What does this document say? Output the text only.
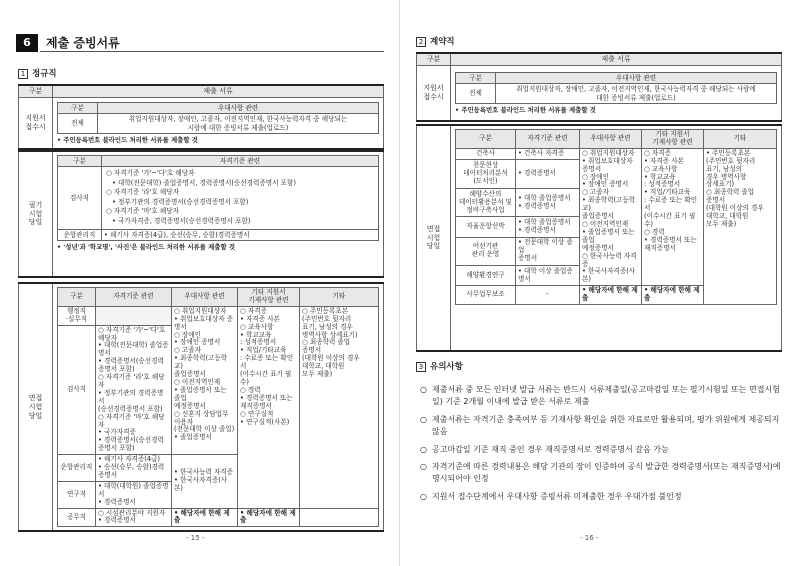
6	제출 증빙서류
1 정규직
구분	제출 서류
지원서
접수시	
구분	우대사항 관련
전체	취업지원대상자, 장애인, 고졸자, 이전지역인재, 한국사능력자격 중 해당되는
시람에 대한 증빙서류 제출(업로드)
• 주민등록번호 블라인드 처리한 서류를 제출할 것
필기
시험
당일	
구분	자격기준 관련
검사직	
○ 자격기준 '가'~'다'호 해당자
• 대학(전문대학) 졸업증명서, 경력증명서(승선경력증명서 포함)
○ 자격기준 '라'호 해당자
• 정부기관의 경력증명서(승선경력증명서 포함)
○ 자격기준 '마'호 해당자
• 국가자격증, 경력증명서(승선경력증명서 포함)

운항관리직	• 해기사 자격증(4급), 승선(승무, 승함)경력증명서
• '성년'과 '학교명', '사진'은 블라인드 처리한 서류를 제출할 것
면접
시험
당일	
구분	자격기준 관련	우대사항 관련	기타 지원서
기재사항 관련	기타
행정직
·실무직		○ 취업지원대상자
• 취업보호대상자 증명서
○ 장애인
• 장애인 증명서
○ 고졸자
• 최종학력(고등학교)
졸업증명서
○ 이전지역인재
• 졸업증명서 또는 졸업
예정증명서
○ 신혼지 상담업무 이용자
(전문대학 이상 졸업)
• 졸업증명서	○ 자격증
• 자격증 사본
○ 교육사항
• 학교교육
: 성적증명서
• 직업/기타교육
: 수료증 또는 확인서
(이수시간 표기 필수)
○ 경력
• 경력증명서 또는
재직증명서
○ 연구실적
• 연구실적(사본)	○ 주민등록초본
(주민번호 뒷자리
표기, 남성의 경우
병역사항 상세표기)
○ 최종학력 졸업
증명서
(대학원 이상의 경우
대학교, 대학원
모두 제출)
검사직	○ 자격기준 '가'~'다'호 해당자
• 대학(전문대학) 졸업증명서
• 경력증명서(승선경력증명서 포함)
○ 자격기준 '라'호 해당자
• 정부기관의 경력증명서
(승선경력증명서 포함)
○ 자격기준 '마'호 해당자
• 국가자격증
• 경력증명서(승선경력증명서 포함)
운항관리직	• 해기사 자격증(4급)
• 승선(승무, 승함)경력증명서	• 한국사능력 자격증
• 한국사자격증(사본)
연구직	• 대학(대학원) 졸업증명서
• 경력증명서
공무직	○ 시설관리분야 지원자
• 경력증명서	• 해당자에 한해 제출	• 해당자에 한해 제출	
- 15 -
2 계약직
구분	제출 서류
지원서
접수시	
구분	우대사항 관련
전체	취업지원대상자, 장애인, 고졸자, 이전지역인재, 한국사능력자격 중 해당되는 사람에
대한 증빙서류 제출(업로드)
• 주민등록번호 블라인드 처리한 서류를 제출할 것
면접
시험
당일	
구분	자격기준 관련	우대사항 관련	기타 지원서
기재사항 관련	기타
건축사	• 건축사 자격증	○ 취업지원대상자
• 취업보호대상자 증명서
○ 장애인
• 장애인 증명서
○ 고졸자
• 최종학력(고등학교)
졸업증명서
○ 이전지역인재
• 졸업증명서 또는 졸업
예정증명서
○ 한국사능력 자격증
• 한국사자격증(사본)	○ 자격증
• 자격증 사본
○ 교육사항
• 학교교육
: 성적증명서
• 직업/기타교육
: 수료증 또는 확인서
(이수시간 표기 필수)
○ 경력
• 경력증명서 또는
재직증명서	• 주민등록초본
(주민번호 뒷자리
표기, 남성의
경우 병역사항
상세표기)
○ 최종학력 졸업
증명서
(대학원 이상의 경우
대학교, 대학원
모두 제출)
천문현상
데이터처리분석
(도서인)	• 경력증명서
해양수산의
데이터활용분석 및
정비구축사업	• 대학 졸업증명서
• 경력증명서
자율운항선박	• 대학 졸업증명서
• 경력증명서
어선기관
관리 운영	• 전문대학 이상 졸업
증명서
해양환경연구	• 대학 이상 졸업증명서
사무업무보조	-	• 해당자에 한해 제출	• 해당자에 한해 제출
3 유의사항
○ 제출서류 중 모든 인터넷 발급 서류는 반드시 서류제출일(공고마감일 또는 필기시험일 또는 면접시험일) 기준 2개월 이내에 발급 받은 서류로 제출
○ 제출서류는 자격기준 충족여부 등 기재사항 확인을 위한 자료로만 활용되며, 평가 위원에게 제공되지 않음
○ 공고마감일 기준 재직 중인 경우 재직증명서로 경력증명서 갈음 가능
○ 자격기준에 따른 경력내용은 해당 기관의 장이 인증하여 공식 발급한 경력증명서(또는 재직증명서)에 명시되어야 인정
○ 지원서 접수단계에서 우대사항 증빙서류 미제출한 경우 우대가점 불인정
- 16 -
